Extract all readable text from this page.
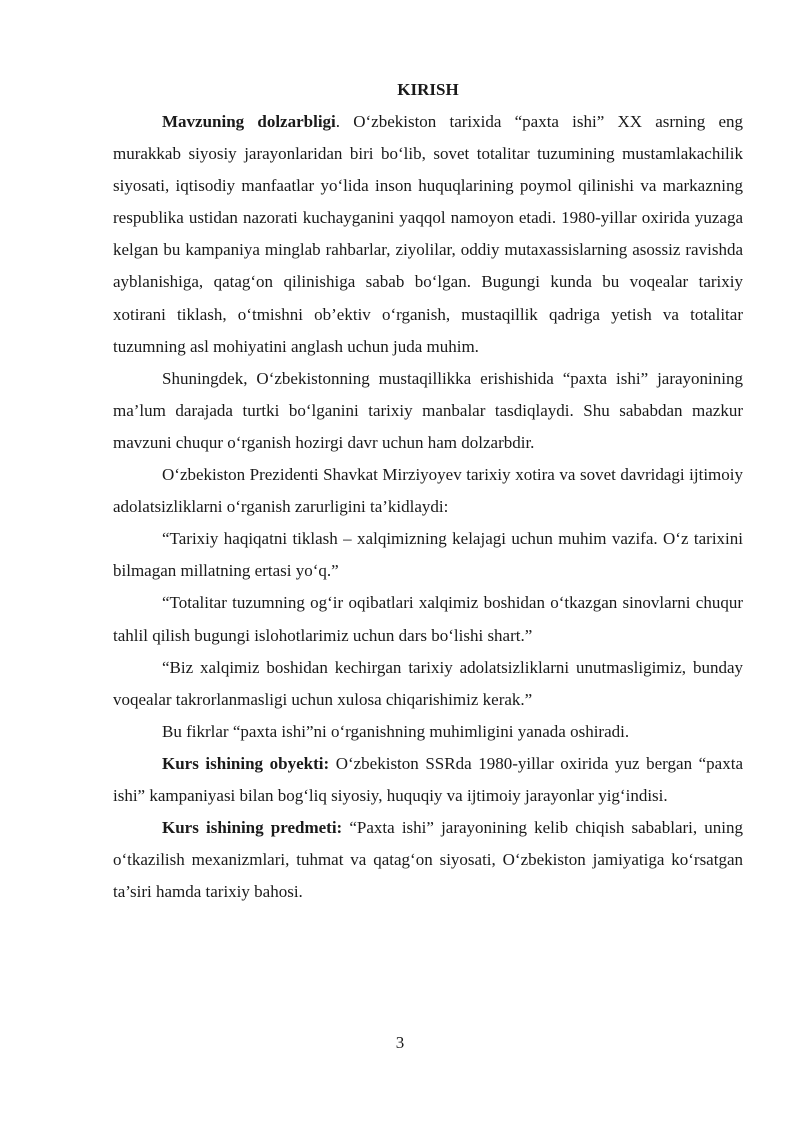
KIRISH

Mavzuning dolzarbligi. O‘zbekiston tarixida “paxta ishi” XX asrning eng murakkab siyosiy jarayonlaridan biri bo‘lib, sovet totalitar tuzumining mustamlakachilik siyosati, iqtisodiy manfaatlar yo‘lida inson huquqlarining poymol qilinishi va markazning respublika ustidan nazorati kuchayganini yaqqol namoyon etadi. 1980-yillar oxirida yuzaga kelgan bu kampaniya minglab rahbarlar, ziyolilar, oddiy mutaxassislarning asossiz ravishda ayblanishiga, qatag‘on qilinishiga sabab bo‘lgan. Bugungi kunda bu voqealar tarixiy xotirani tiklash, o‘tmishni ob’ektiv o‘rganish, mustaqillik qadriga yetish va totalitar tuzumning asl mohiyatini anglash uchun juda muhim.

Shuningdek, O‘zbekistonning mustaqillikka erishishida “paxta ishi” jarayonining ma’lum darajada turtki bo‘lganini tarixiy manbalar tasdiqlaydi. Shu sababdan mazkur mavzuni chuqur o‘rganish hozirgi davr uchun ham dolzarbdir.

O‘zbekiston Prezidenti Shavkat Mirziyoyev tarixiy xotira va sovet davridagi ijtimoiy adolatsizliklarni o‘rganish zarurligini ta’kidlaydi:

“Tarixiy haqiqatni tiklash – xalqimizning kelajagi uchun muhim vazifa. O‘z tarixini bilmagan millatning ertasi yo‘q.”

“Totalitar tuzumning og‘ir oqibatlari xalqimiz boshidan o‘tkazgan sinovlarni chuqur tahlil qilish bugungi islohotlarimiz uchun dars bo‘lishi shart.”

“Biz xalqimiz boshidan kechirgan tarixiy adolatsizliklarni unutmasligimiz, bunday voqealar takrorlanmasligi uchun xulosa chiqarishimiz kerak.”

Bu fikrlar “paxta ishi”ni o‘rganishning muhimligini yanada oshiradi.

Kurs ishining obyekti: O‘zbekiston SSRda 1980-yillar oxirida yuz bergan “paxta ishi” kampaniyasi bilan bog‘liq siyosiy, huquqiy va ijtimoiy jarayonlar yig‘indisi.

Kurs ishining predmeti: “Paxta ishi” jarayonining kelib chiqish sabablari, uning o‘tkazilish mexanizmlari, tuhmat va qatag‘on siyosati, O‘zbekiston jamiyatiga ko‘rsatgan ta’siri hamda tarixiy bahosi.

3
